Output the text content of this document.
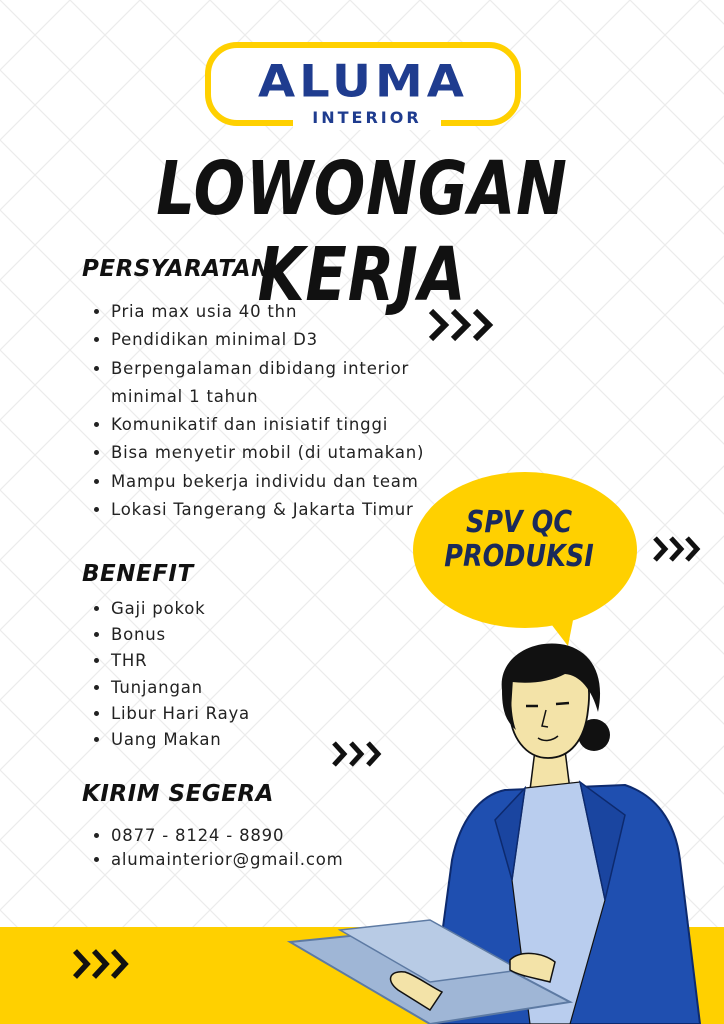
ALUMA
INTERIOR
LOWONGAN KERJA
PERSYARATAN
• Pria max usia 40 thn
• Pendidikan minimal D3
• Berpengalaman dibidang interior minimal 1 tahun
• Komunikatif dan inisiatif tinggi
• Bisa menyetir mobil (di utamakan)
• Mampu bekerja individu dan team
• Lokasi Tangerang & Jakarta Timur
BENEFIT
• Gaji pokok
• Bonus
• THR
• Tunjangan
• Libur Hari Raya
• Uang Makan
KIRIM SEGERA
• 0877 - 8124 - 8890
• alumainterior@gmail.com
SPV QC
PRODUKSI
